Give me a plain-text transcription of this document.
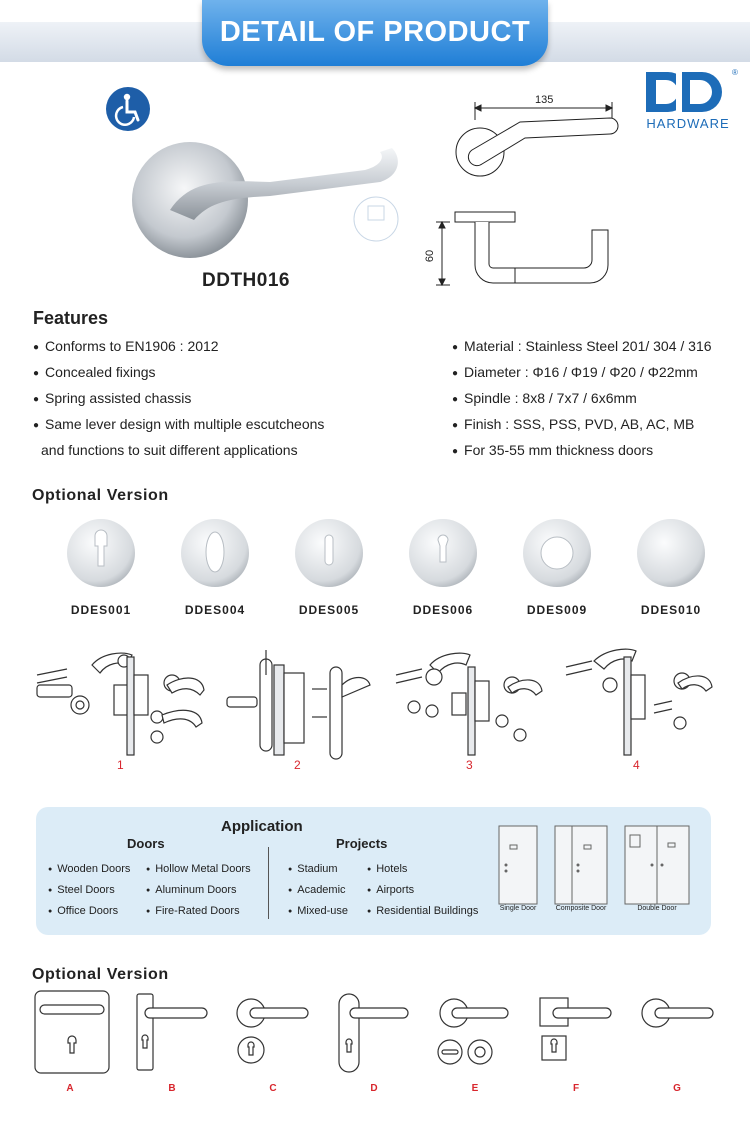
DETAIL OF PRODUCT
®
HARDWARE
DDTH016
135
60
Features
● Conforms to EN1906 : 2012
● Concealed fixings
● Spring assisted chassis
● Same lever design with multiple escutcheons
and functions to suit different applications
● Material : Stainless Steel 201/ 304 / 316
● Diameter : Φ16 / Φ19 / Φ20 / Φ22mm
● Spindle : 8x8 / 7x7 / 6x6mm
● Finish : SSS, PSS, PVD, AB, AC, MB
● For 35-55 mm thickness doors
Optional Version
DDES001	DDES004	DDES005	DDES006	DDES009	DDES010
1	2	3	4
Application
Doors	Projects
● Wooden Doors
● Steel Doors
● Office Doors
● Hollow Metal Doors
● Aluminum Doors
● Fire-Rated Doors
● Stadium
● Academic
● Mixed-use
● Hotels
● Airports
● Residential Buildings	Single Door	Composite Door	Double Door
Optional Version
A	B	C	D	E	F	G
